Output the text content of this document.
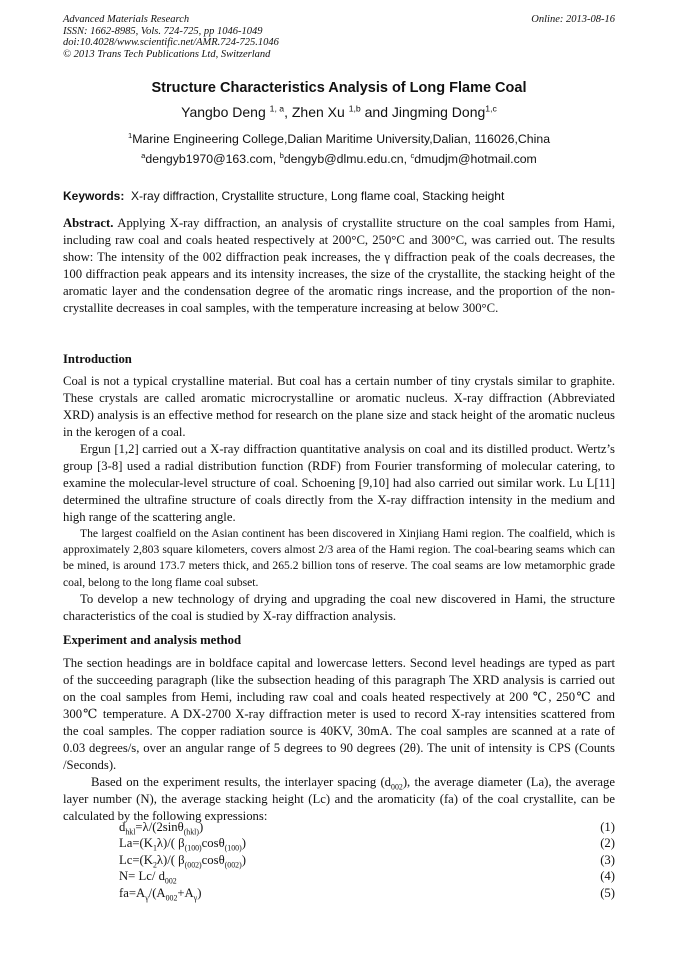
Advanced Materials Research
ISSN: 1662-8985, Vols. 724-725, pp 1046-1049
doi:10.4028/www.scientific.net/AMR.724-725.1046
© 2013 Trans Tech Publications Ltd, Switzerland
Online: 2013-08-16
Structure Characteristics Analysis of Long Flame Coal
Yangbo Deng $^{1, a}$, Zhen Xu $^{1,b}$ and Jingming Dong$^{1,c}$
$^1$Marine Engineering College,Dalian Maritime University,Dalian, 116026,China
$^a$dengyb1970@163.com, $^b$dengyb@dlmu.edu.cn, $^c$dmudjm@hotmail.com
Keywords:  X-ray diffraction, Crystallite structure, Long flame coal, Stacking height

Abstract. Applying X-ray diffraction, an analysis of crystallite structure on the coal samples from Hami, including raw coal and coals heated respectively at 200°C, 250°C and 300°C, was carried out. The results show: The intensity of the 002 diffraction peak increases, the γ diffraction peak of the coals decreases, the 100 diffraction peak appears and its intensity increases, the size of the crystallite, the stacking height of the aromatic layer and the condensation degree of the aromatic rings increase, and the proportion of the non-crystallite decreases in coal samples, with the temperature increasing at below 300°C.

Introduction

Coal is not a typical crystalline material. But coal has a certain number of tiny crystals similar to graphite. These crystals are called aromatic microcrystalline or aromatic nucleus. X-ray diffraction (Abbreviated XRD) analysis is an effective method for research on the plane size and stack height of the aromatic nucleus in the kerogen of a coal.

Ergun [1,2] carried out a X-ray diffraction quantitative analysis on coal and its distilled product. Wertz’s group [3-8] used a radial distribution function (RDF) from Fourier transforming of molecular catering, to examine the molecular-level structure of coal. Schoening [9,10] had also carried out similar work. Lu L[11] determined the ultrafine structure of coals directly from the X-ray diffraction intensity in the medium and high range of the scattering angle.

The largest coalfield on the Asian continent has been discovered in Xinjiang Hami region. The coalfield, which is approximately 2,803 square kilometers, covers almost 2/3 area of the Hami region. The coal-bearing seams which can be mined, is around 173.7 meters thick, and 265.2 billion tons of reserve. The coal seams are low metamorphic grade coal, belong to the long flame coal subset.

To develop a new technology of drying and upgrading the coal new discovered in Hami, the structure characteristics of the coal is studied by X-ray diffraction analysis.

Experiment and analysis method

The section headings are in boldface capital and lowercase letters. Second level headings are typed as part of the succeeding paragraph (like the subsection heading of this paragraph The XRD analysis is carried out on the coal samples from Hemi, including raw coal and coals heated respectively at 200 ℃, 250℃ and 300℃ temperature. A DX-2700 X-ray diffraction meter is used to record X-ray intensities scattered from the coal samples. The copper radiation source is 40KV, 30mA. The coal samples are scanned at a rate of 0.03 degrees/s, over an angular range of 5 degrees to 90 degrees (2θ). The unit of intensity is CPS (Counts /Seconds).

Based on the experiment results, the interlayer spacing $(d_{002})$, the average diameter (La), the average layer number (N), the average stacking height (Lc) and the aromaticity (fa) of the coal crystallite, can be calculated by the following expressions:

$d_{hkl}=\lambda/(2\sin\theta_{(hkl)})$	(1)
$La=(K_1\lambda)/$( $\beta_{(100)}\cos\theta_{(100)}$)	(2)
$Lc=(K_2\lambda)/$( $\beta_{(002)}\cos\theta_{(002)}$)	(3)
N= Lc/ $d_{002}$	(4)
$fa=A_\gamma/(A_{002}+A_\gamma)$	(5)
